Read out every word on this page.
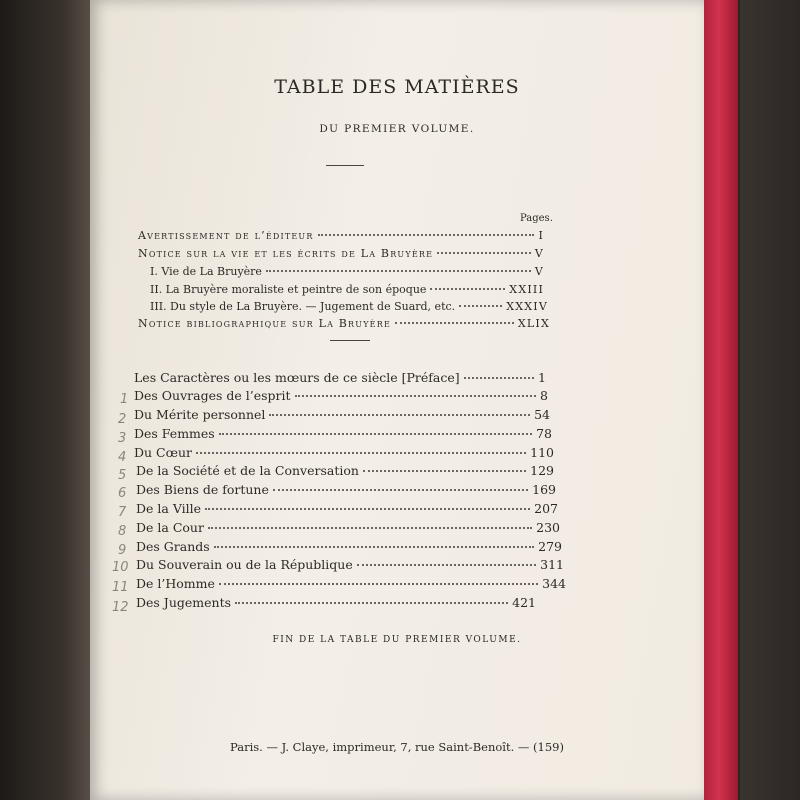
TABLE DES MATIÈRES
DU PREMIER VOLUME.
Pages.
Avertissement de l’éditeur	I
Notice sur la vie et les écrits de La Bruyère	V
I. Vie de La Bruyère	V
II. La Bruyère moraliste et peintre de son époque	XXIII
III. Du style de La Bruyère. — Jugement de Suard, etc.	XXXIV
Notice bibliographique sur La Bruyère	XLIX
Les Caractères ou les mœurs de ce siècle [Préface]	1
1 Des Ouvrages de l’esprit	8
2 Du Mérite personnel	54
3 Des Femmes	78
4 Du Cœur	110
5 De la Société et de la Conversation	129
6 Des Biens de fortune	169
7 De la Ville	207
8 De la Cour	230
9 Des Grands	279
10 Du Souverain ou de la République	311
11 De l’Homme	344
12 Des Jugements	421
FIN DE LA TABLE DU PREMIER VOLUME.
Paris. — J. Claye, imprimeur, 7, rue Saint-Benoît. — (159)
